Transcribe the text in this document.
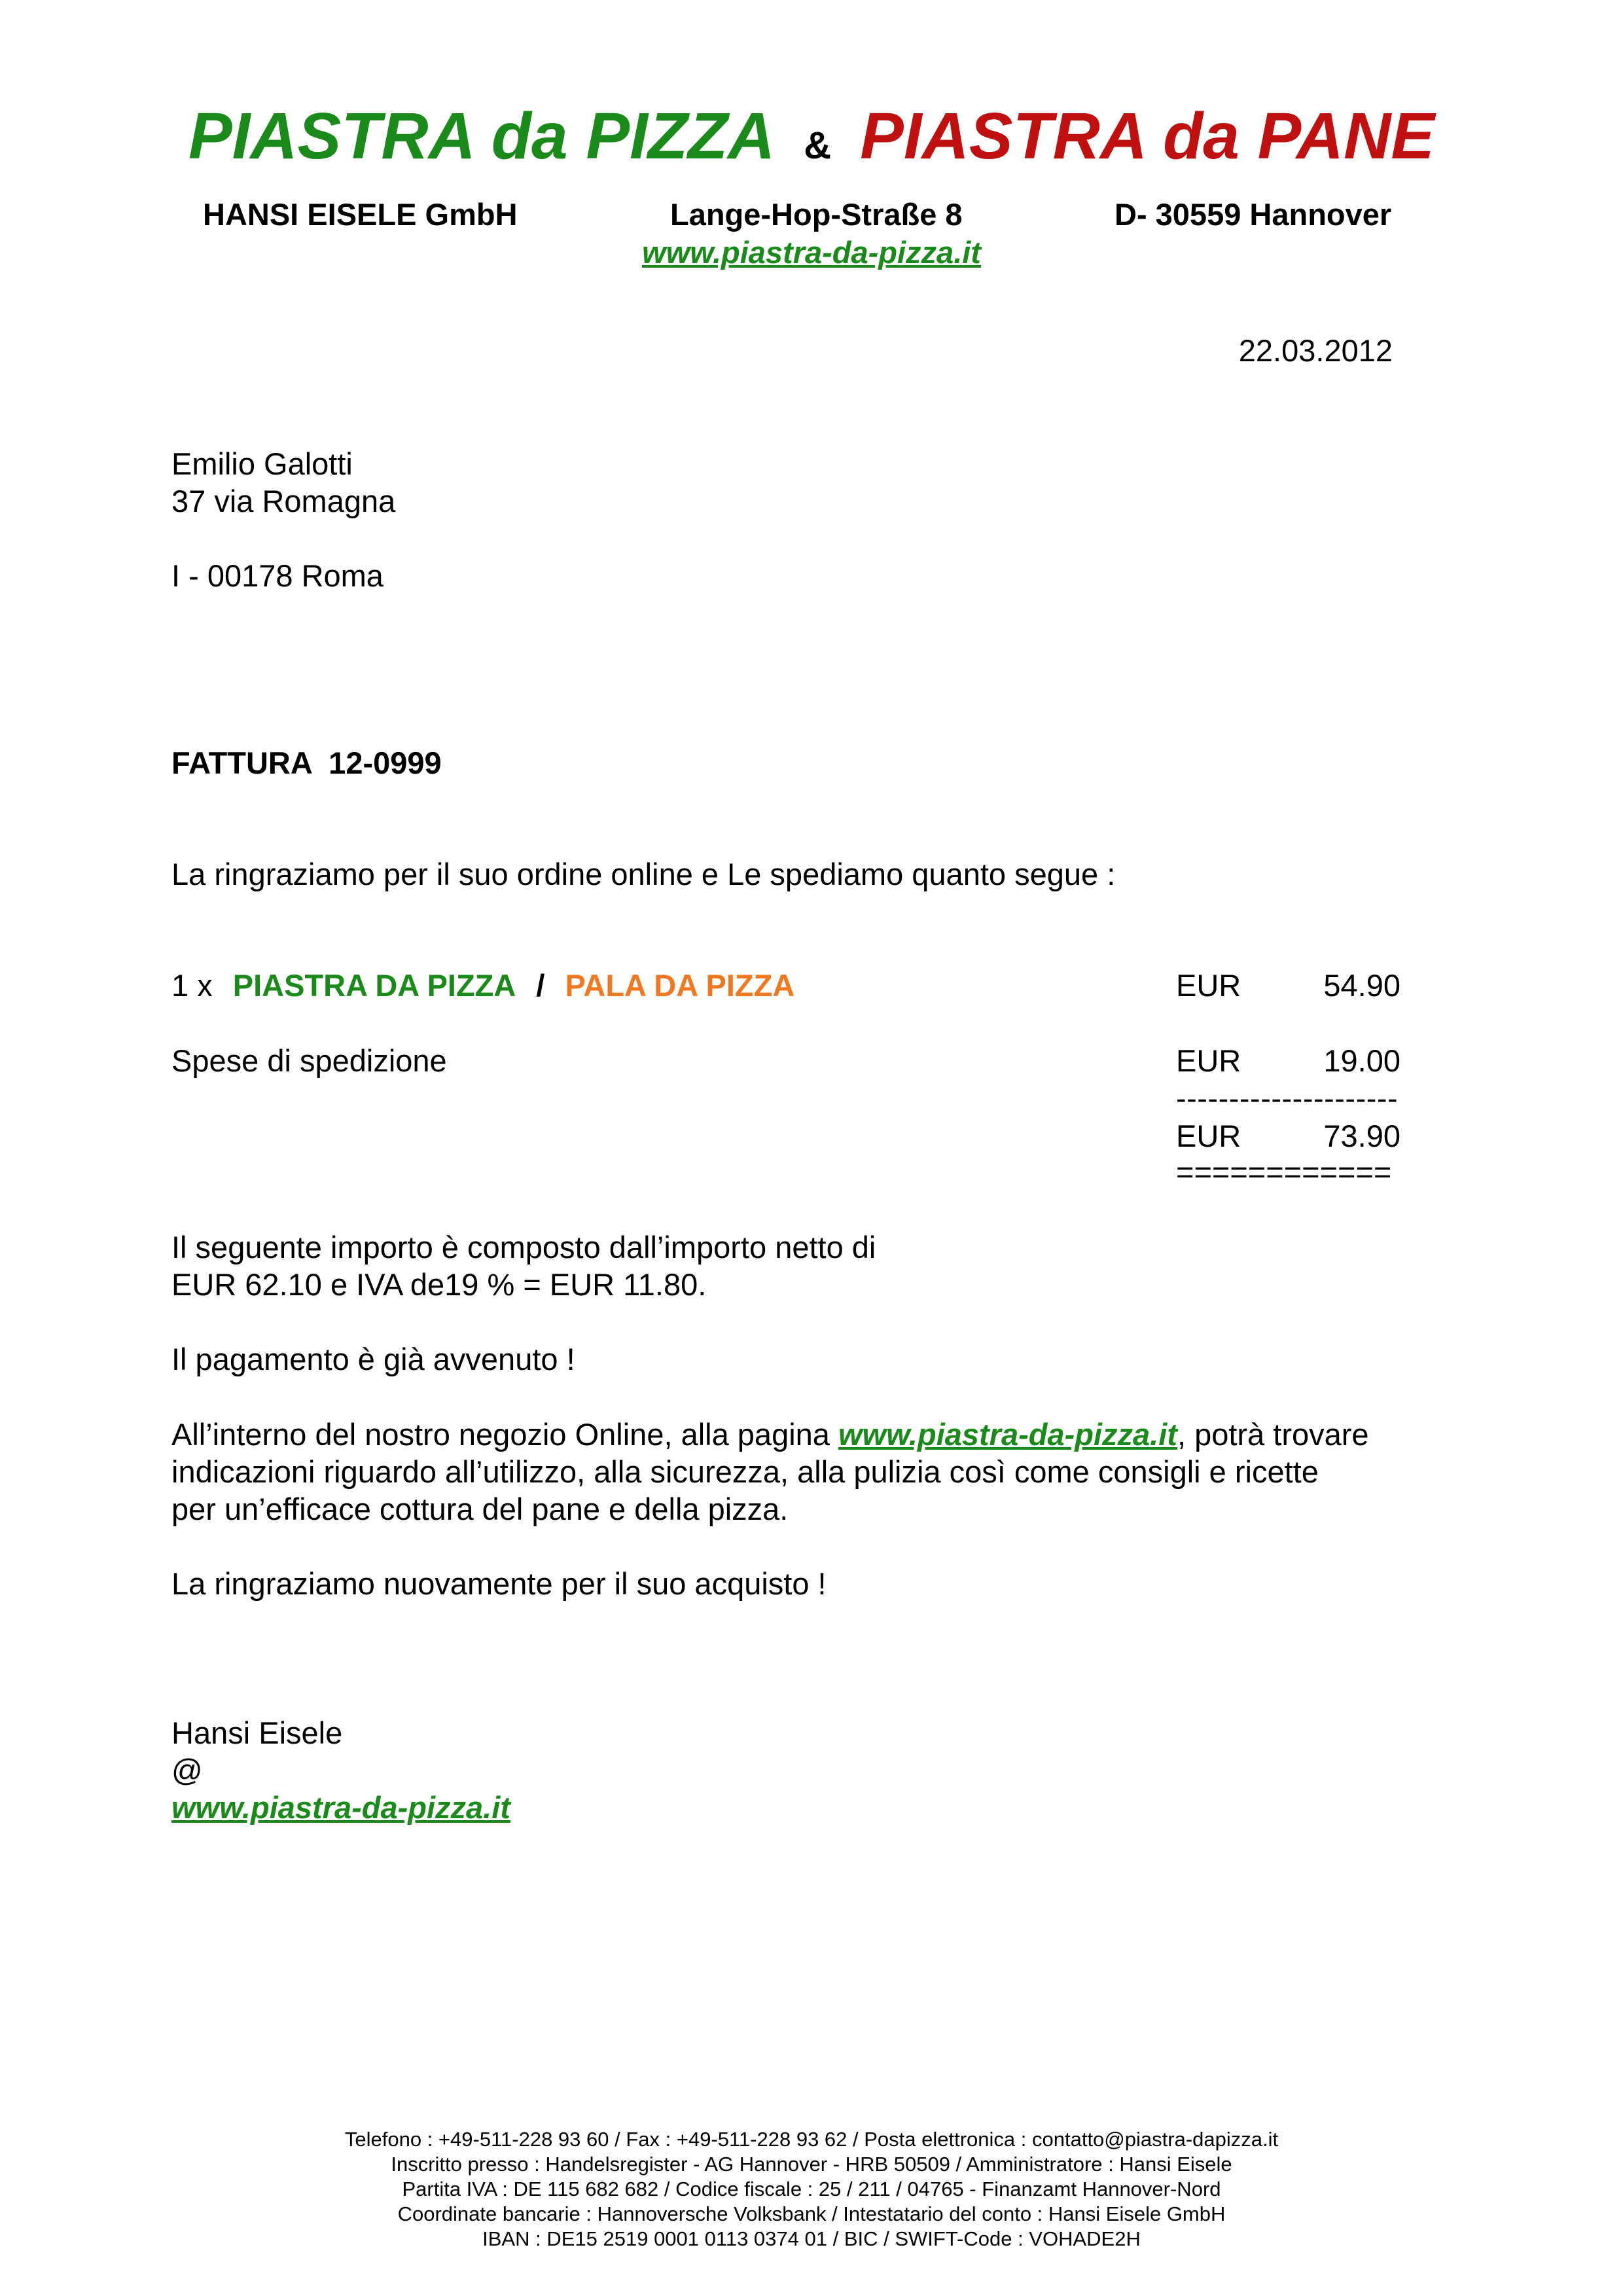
PIASTRA da PIZZA & PIASTRA da PANE
HANSI EISELE GmbH	Lange-Hop-Straße 8	D- 30559 Hannover
www.piastra-da-pizza.it
22.03.2012
Emilio Galotti
37 via Romagna
I - 00178 Roma
FATTURA  12-0999
La ringraziamo per il suo ordine online e Le spediamo quanto segue :
1 x PIASTRA DA PIZZA / PALA DA PIZZA	EUR	54.90
Spese di spedizione	EUR	19.00
---------------------
EUR	73.90
============
Il seguente importo è composto dall’importo netto di
EUR 62.10 e IVA de19 % = EUR 11.80.
Il pagamento è già avvenuto !
All’interno del nostro negozio Online, alla pagina www.piastra-da-pizza.it, potrà trovare
indicazioni riguardo all’utilizzo, alla sicurezza, alla pulizia così come consigli e ricette
per un’efficace cottura del pane e della pizza.
La ringraziamo nuovamente per il suo acquisto !
Hansi Eisele
@
www.piastra-da-pizza.it
Telefono : +49-511-228 93 60 / Fax : +49-511-228 93 62 / Posta elettronica : contatto@piastra-dapizza.it
Inscritto presso : Handelsregister - AG Hannover - HRB 50509 / Amministratore : Hansi Eisele
Partita IVA : DE 115 682 682 / Codice fiscale : 25 / 211 / 04765 - Finanzamt Hannover-Nord
Coordinate bancarie : Hannoversche Volksbank / Intestatario del conto : Hansi Eisele GmbH
IBAN : DE15 2519 0001 0113 0374 01 / BIC / SWIFT-Code : VOHADE2H
